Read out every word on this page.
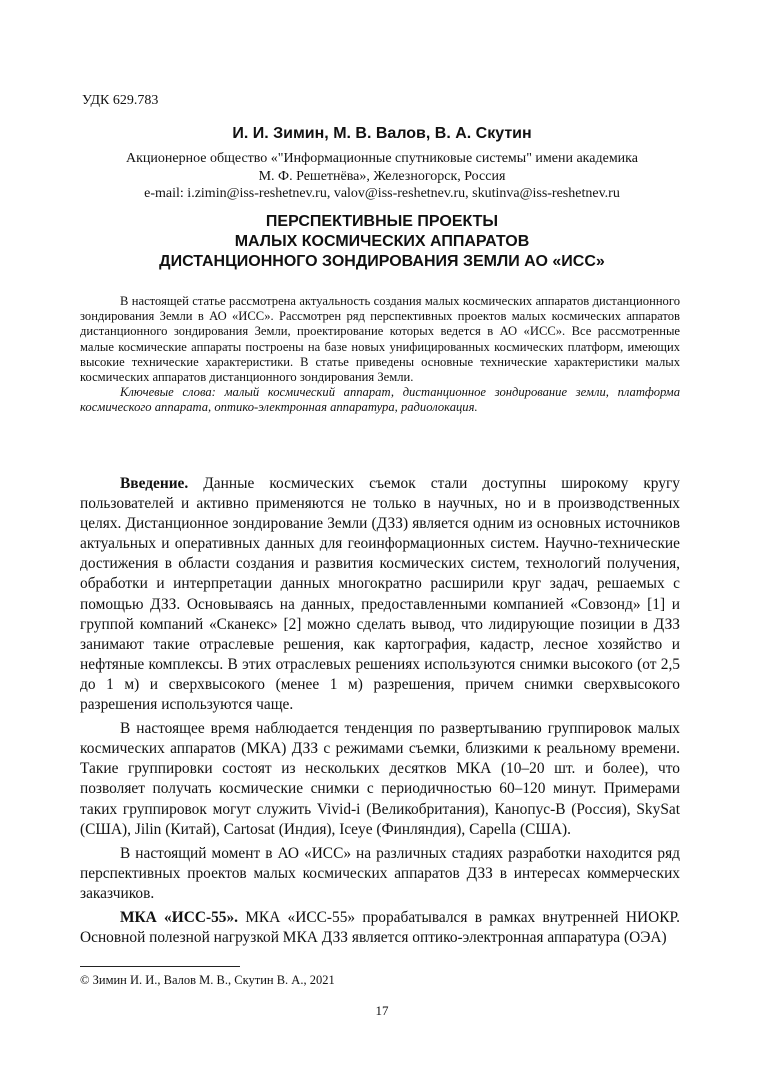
УДК 629.783
И. И. Зимин, М. В. Валов, В. А. Скутин
Акционерное общество «"Информационные спутниковые системы" имени академика
М. Ф. Решетнёва», Железногорск, Россия
e-mail: i.zimin@iss-reshetnev.ru, valov@iss-reshetnev.ru, skutinva@iss-reshetnev.ru
ПЕРСПЕКТИВНЫЕ ПРОЕКТЫ
МАЛЫХ КОСМИЧЕСКИХ АППАРАТОВ
ДИСТАНЦИОННОГО ЗОНДИРОВАНИЯ ЗЕМЛИ АО «ИСС»

В настоящей статье рассмотрена актуальность создания малых космических аппаратов дистанционного зондирования Земли в АО «ИСС». Рассмотрен ряд перспективных проектов малых космических аппаратов дистанционного зондирования Земли, проектирование которых ведется в АО «ИСС». Все рассмотренные малые космические аппараты построены на базе новых унифицированных космических платформ, имеющих высокие технические характеристики. В статье приведены основные технические характеристики малых космических аппаратов дистанционного зондирования Земли.

Ключевые слова: малый космический аппарат, дистанционное зондирование земли, платформа космического аппарата, оптико-электронная аппаратура, радиолокация.

Введение. Данные космических съемок стали доступны широкому кругу пользователей и активно применяются не только в научных, но и в производственных целях. Дистанционное зондирование Земли (ДЗЗ) является одним из основных источников актуальных и оперативных данных для геоинформационных систем. Научно-технические достижения в области создания и развития космических систем, технологий получения, обработки и интерпретации данных многократно расширили круг задач, решаемых с помощью ДЗЗ. Основываясь на данных, предоставленными компанией «Совзонд» [1] и группой компаний «Сканекс» [2] можно сделать вывод, что лидирующие позиции в ДЗЗ занимают такие отраслевые решения, как картография, кадастр, лесное хозяйство и нефтяные комплексы. В этих отраслевых решениях используются снимки высокого (от 2,5 до 1 м) и сверхвысокого (менее 1 м) разрешения, причем снимки сверхвысокого разрешения используются чаще.

В настоящее время наблюдается тенденция по развертыванию группировок малых космических аппаратов (МКА) ДЗЗ с режимами съемки, близкими к реальному времени. Такие группировки состоят из нескольких десятков МКА (10–20 шт. и более), что позволяет получать космические снимки с периодичностью 60–120 минут. Примерами таких группировок могут служить Vivid-i (Великобритания), Канопус-В (Россия), SkySat (США), Jilin (Китай), Cartosat (Индия), Iceye (Финляндия), Capella (США).

В настоящий момент в АО «ИСС» на различных стадиях разработки находится ряд перспективных проектов малых космических аппаратов ДЗЗ в интересах коммерческих заказчиков.

МКА «ИСС-55». МКА «ИСС-55» прорабатывался в рамках внутренней НИОКР. Основной полезной нагрузкой МКА ДЗЗ является оптико-электронная аппаратура (ОЭА)

© Зимин И. И., Валов М. В., Скутин В. А., 2021
17
